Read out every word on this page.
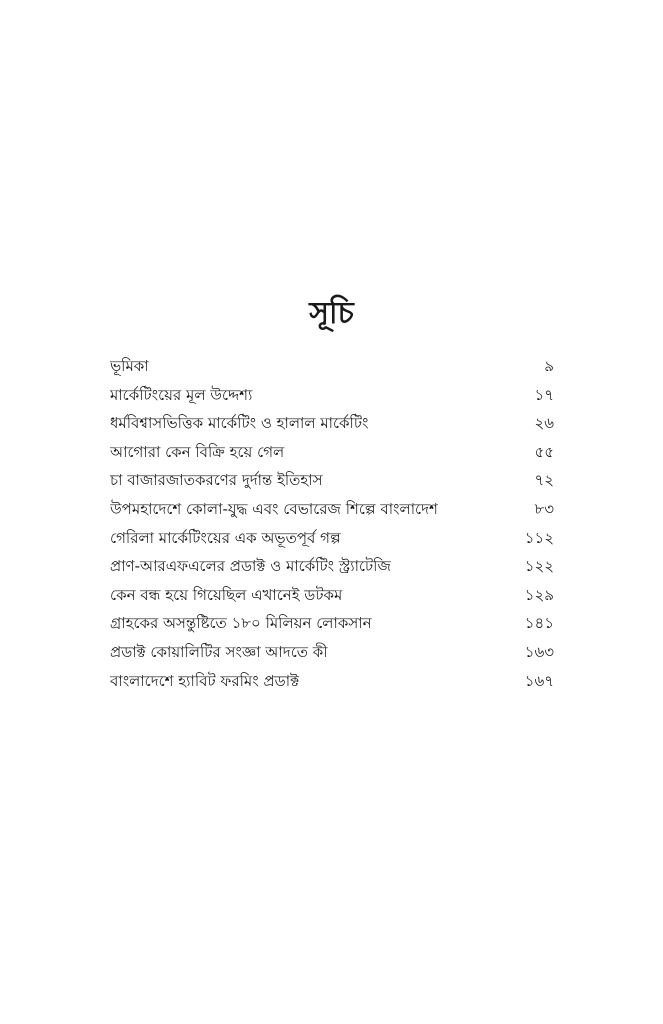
সূচি
ভূমিকা	৯
মার্কেটিংয়ের মূল উদ্দেশ্য	১৭
ধর্মবিশ্বাসভিত্তিক মার্কেটিং ও হালাল মার্কেটিং	২৬
আগোরা কেন বিক্রি হয়ে গেল	৫৫
চা বাজারজাতকরণের দুর্দান্ত ইতিহাস	৭২
উপমহাদেশে কোলা-যুদ্ধ এবং বেভারেজ শিল্পে বাংলাদেশ	৮৩
গেরিলা মার্কেটিংয়ের এক অভূতপূর্ব গল্প	১১২
প্রাণ-আরএফএলের প্রডাক্ট ও মার্কেটিং স্ট্র্যাটেজি	১২২
কেন বন্ধ হয়ে গিয়েছিল এখানেই ডটকম	১২৯
গ্রাহকের অসন্তুষ্টিতে ১৮০ মিলিয়ন লোকসান	১৪১
প্রডাক্ট কোয়ালিটির সংজ্ঞা আদতে কী	১৬৩
বাংলাদেশে হ্যাবিট ফরমিং প্রডাক্ট	১৬৭
